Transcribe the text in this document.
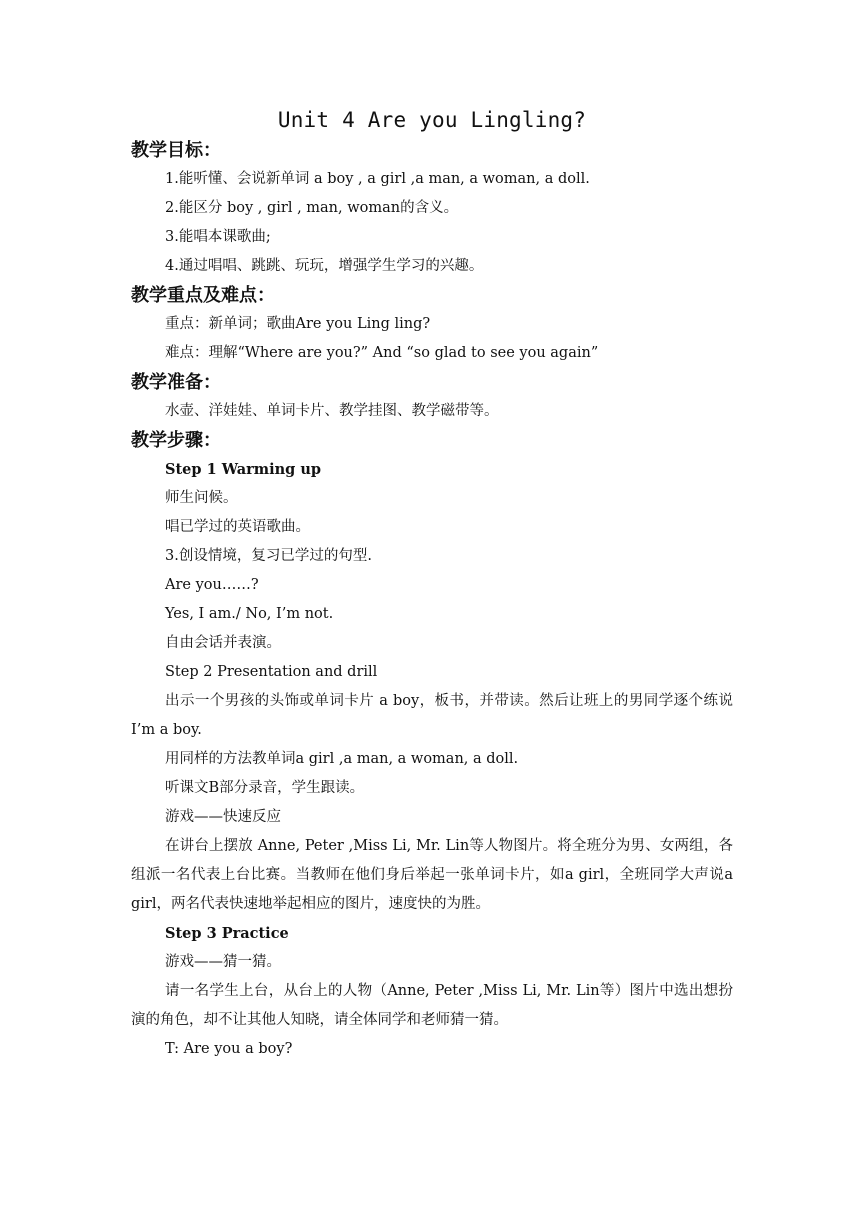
Unit 4 Are you Lingling?

教学目标：

1.能听懂、会说新单词 a boy , a girl ,a man, a woman, a doll.

2.能区分 boy , girl , man, woman的含义。

3.能唱本课歌曲;

4.通过唱唱、跳跳、玩玩，增强学生学习的兴趣。

教学重点及难点：

重点：新单词；歌曲Are you Ling ling?

难点：理解“Where are you?” And “so glad to see you again”

教学准备：

水壶、洋娃娃、单词卡片、教学挂图、教学磁带等。

教学步骤：

Step 1 Warming up

师生问候。

唱已学过的英语歌曲。

3.创设情境，复习已学过的句型.

Are you……?

Yes, I am./ No, I’m not.

自由会话并表演。

Step 2 Presentation and drill

出示一个男孩的头饰或单词卡片 a boy，板书，并带读。然后让班上的男同学逐个练说 I’m a boy.

用同样的方法教单词a girl ,a man, a woman, a doll.

听课文B部分录音，学生跟读。

游戏——快速反应

在讲台上摆放 Anne, Peter ,Miss Li, Mr. Lin等人物图片。将全班分为男、女两组，各组派一名代表上台比赛。当教师在他们身后举起一张单词卡片，如a girl，全班同学大声说a girl，两名代表快速地举起相应的图片，速度快的为胜。

Step 3 Practice

游戏——猜一猜。

请一名学生上台，从台上的人物（Anne, Peter ,Miss Li, Mr. Lin等）图片中选出想扮演的角色，却不让其他人知晓，请全体同学和老师猜一猜。

T: Are you a boy?
